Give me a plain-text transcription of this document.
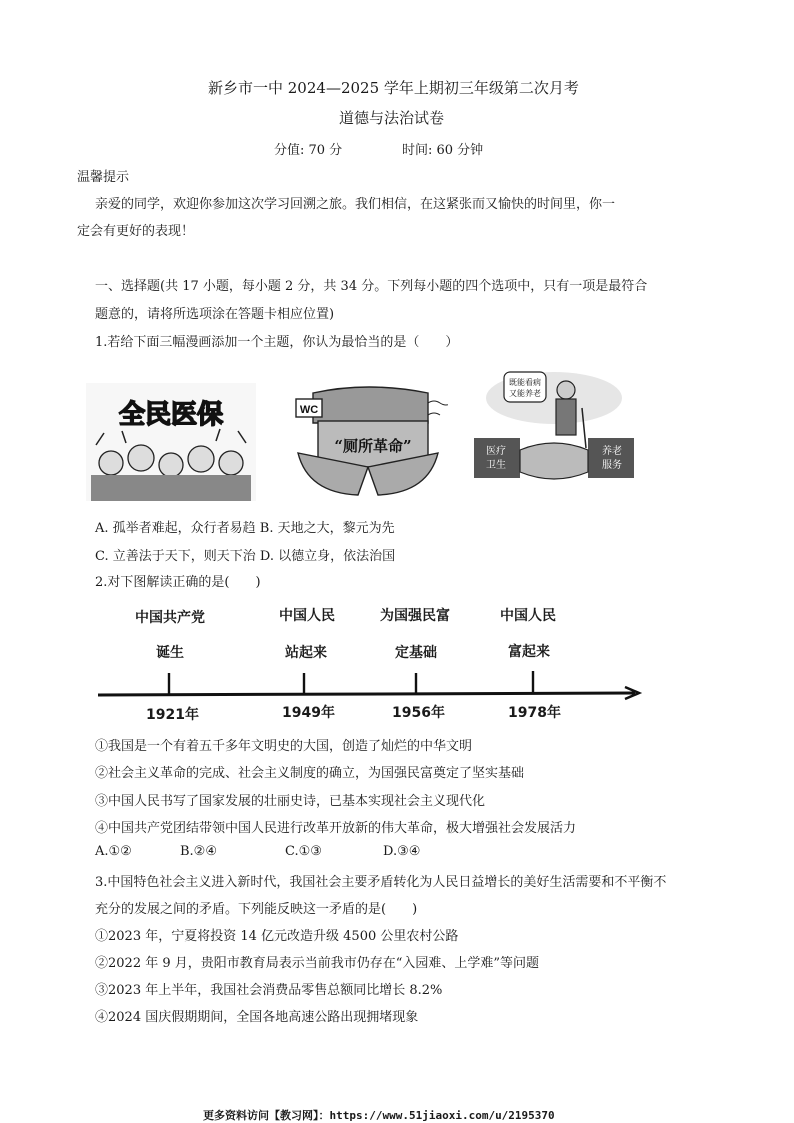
新乡市一中 2024—2025 学年上期初三年级第二次月考
道德与法治试卷
分值: 70 分	时间: 60 分钟
温馨提示
亲爱的同学，欢迎你参加这次学习回溯之旅。我们相信，在这紧张而又愉快的时间里，你一
定会有更好的表现！
一、选择题(共 17 小题，每小题 2 分，共 34 分。下列每小题的四个选项中，只有一项是最符合
题意的，请将所选项涂在答题卡相应位置)
1.若给下面三幅漫画添加一个主题，你认为最恰当的是（　　）
全民医保	WC
“厕所革命”
既能看病
又能养老
医疗
卫生
养老
服务
A. 孤举者难起，众行者易趋 B. 天地之大，黎元为先
C. 立善法于天下，则天下治 D. 以德立身，依法治国
2.对下图解读正确的是(　　)
中国共产党
诞生
中国人民
站起来
为国强民富
定基础
中国人民
富起来
1921年	1949年	1956年	1978年
①我国是一个有着五千多年文明史的大国，创造了灿烂的中华文明
②社会主义革命的完成、社会主义制度的确立，为国强民富奠定了坚实基础
③中国人民书写了国家发展的壮丽史诗，已基本实现社会主义现代化
④中国共产党团结带领中国人民进行改革开放新的伟大革命，极大增强社会发展活力
A.①②	B.②④	C.①③	D.③④
3.中国特色社会主义进入新时代，我国社会主要矛盾转化为人民日益增长的美好生活需要和不平衡不
充分的发展之间的矛盾。下列能反映这一矛盾的是(　　)
①2023 年，宁夏将投资 14 亿元改造升级 4500 公里农村公路
②2022 年 9 月，贵阳市教育局表示当前我市仍存在“入园难、上学难”等问题
③2023 年上半年，我国社会消费品零售总额同比增长 8.2%
④2024 国庆假期期间，全国各地高速公路出现拥堵现象
更多资料访问【教习网】：https://www.51jiaoxi.com/u/2195370
